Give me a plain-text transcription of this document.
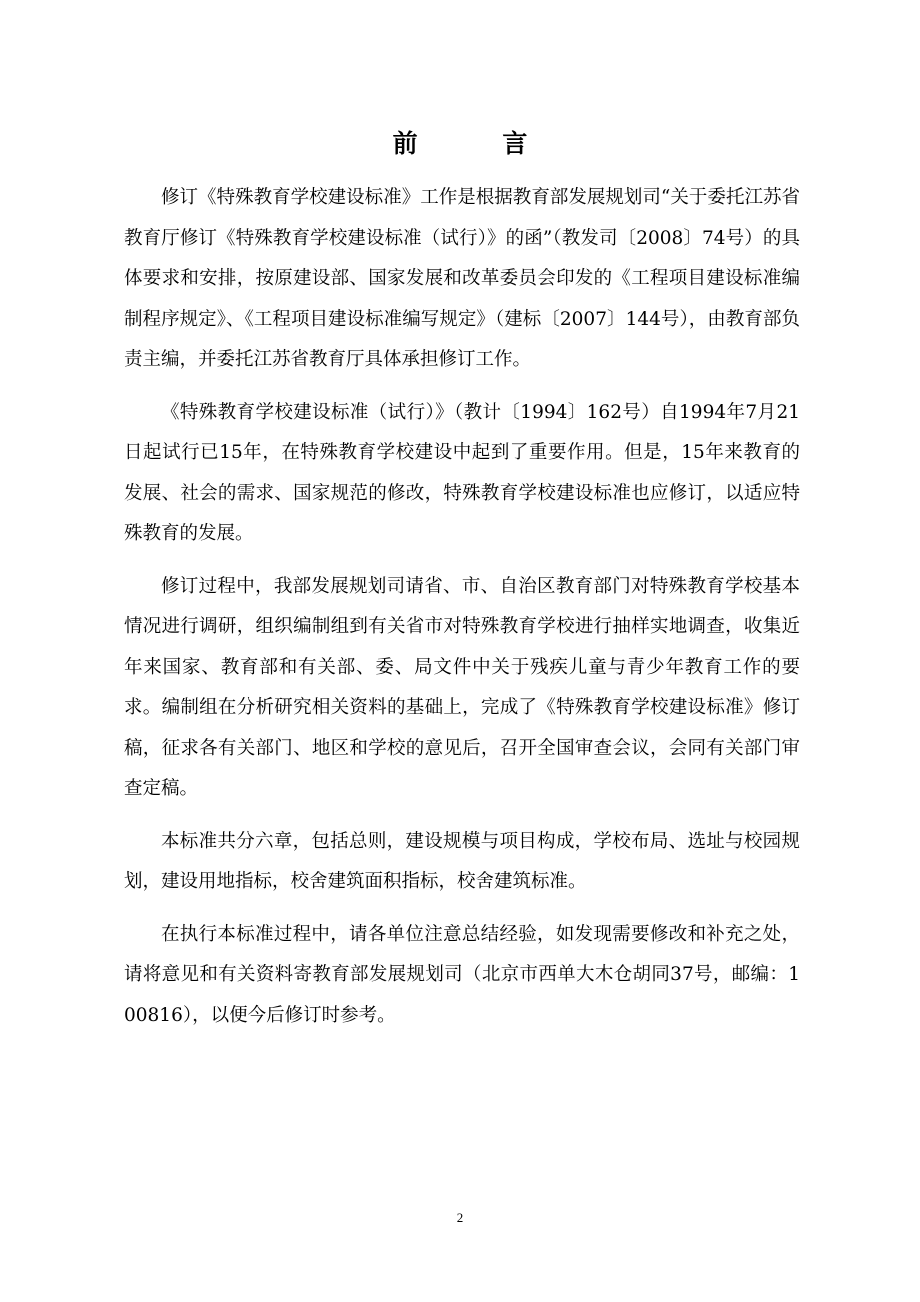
前 言

修订《特殊教育学校建设标准》工作是根据教育部发展规划司“关于委托江苏省教育厅修订《特殊教育学校建设标准（试行）》的函”（教发司〔2008〕74号）的具体要求和安排，按原建设部、国家发展和改革委员会印发的《工程项目建设标准编制程序规定》、《工程项目建设标准编写规定》（建标〔2007〕144号），由教育部负责主编，并委托江苏省教育厅具体承担修订工作。

《特殊教育学校建设标准（试行）》（教计〔1994〕162号）自1994年7月21日起试行已15年，在特殊教育学校建设中起到了重要作用。但是，15年来教育的发展、社会的需求、国家规范的修改，特殊教育学校建设标准也应修订，以适应特殊教育的发展。

修订过程中，我部发展规划司请省、市、自治区教育部门对特殊教育学校基本情况进行调研，组织编制组到有关省市对特殊教育学校进行抽样实地调查，收集近年来国家、教育部和有关部、委、局文件中关于残疾儿童与青少年教育工作的要求。编制组在分析研究相关资料的基础上，完成了《特殊教育学校建设标准》修订稿，征求各有关部门、地区和学校的意见后，召开全国审查会议，会同有关部门审查定稿。

本标准共分六章，包括总则，建设规模与项目构成，学校布局、选址与校园规划，建设用地指标，校舍建筑面积指标，校舍建筑标准。

在执行本标准过程中，请各单位注意总结经验，如发现需要修改和补充之处，请将意见和有关资料寄教育部发展规划司（北京市西单大木仓胡同37号，邮编：100816），以便今后修订时参考。

2
